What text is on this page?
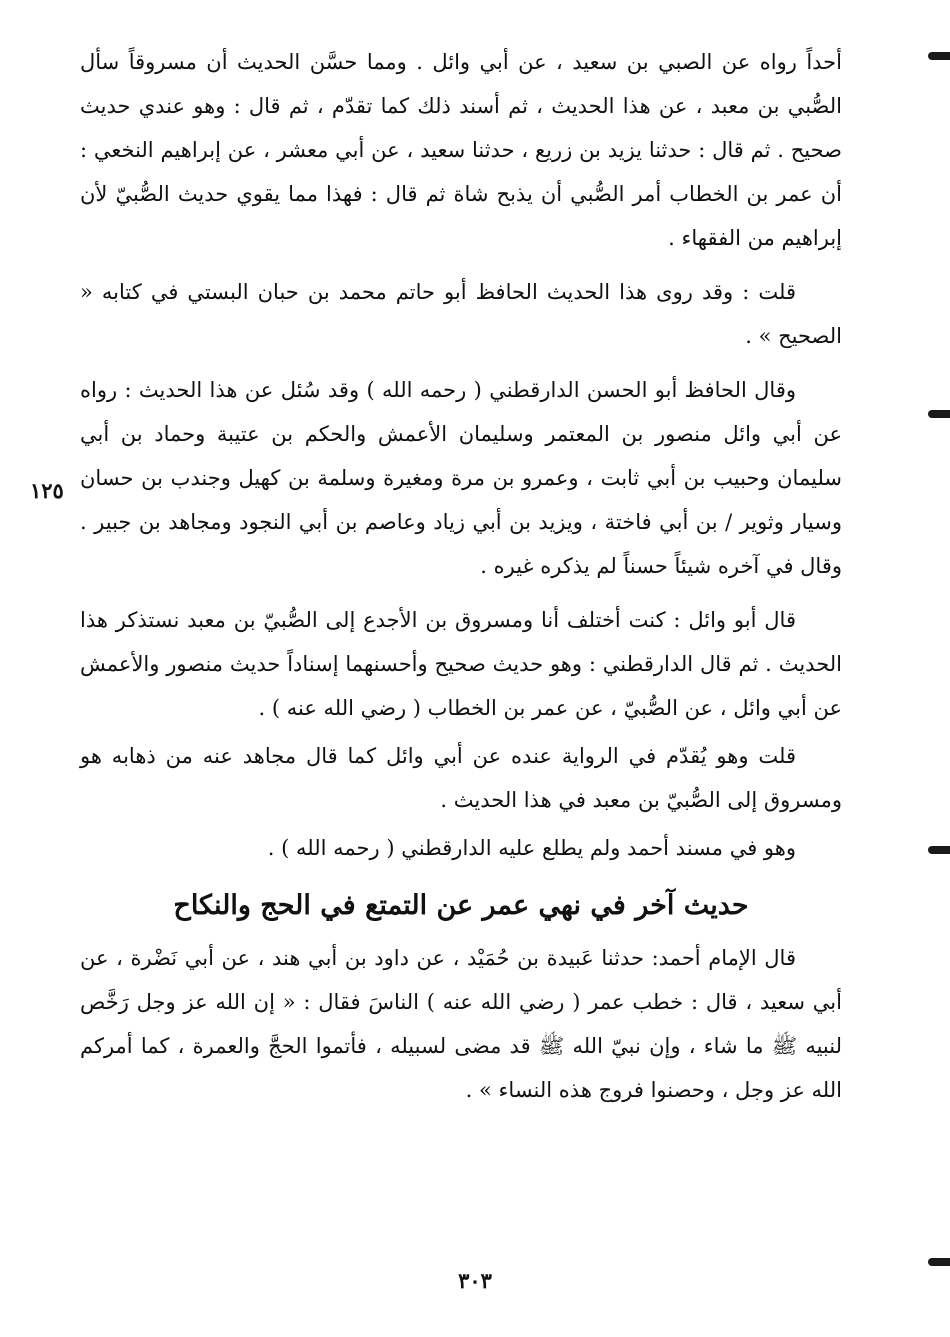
أحداً رواه عن الصبي بن سعيد ، عن أبي وائل . ومما حسَّن الحديث أن مسروقاً سأل الصُّبي بن معبد ، عن هذا الحديث ، ثم أسند ذلك كما تقدّم ، ثم قال : وهو عندي حديث صحيح . ثم قال : حدثنا يزيد بن زريع ، حدثنا سعيد ، عن أبي معشر ، عن إبراهيم النخعي : أن عمر بن الخطاب أمر الصُّبي أن يذبح شاة ثم قال : فهذا مما يقوي حديث الصُّبيّ لأن إبراهيم من الفقهاء .

قلت : وقد روى هذا الحديث الحافظ أبو حاتم محمد بن حبان البستي في كتابه « الصحيح » .

وقال الحافظ أبو الحسن الدارقطني ( رحمه الله ) وقد سُئل عن هذا الحديث : رواه عن أبي وائل منصور بن المعتمر وسليمان الأعمش والحكم بن عتيبة وحماد بن أبي سليمان وحبيب بن أبي ثابت ، وعمرو بن مرة ومغيرة وسلمة بن كهيل وجندب بن حسان وسيار وثوير / بن أبي فاختة ، ويزيد بن أبي زياد وعاصم بن أبي النجود ومجاهد بن جبير . وقال في آخره شيئاً حسناً لم يذكره غيره .

قال أبو وائل : كنت أختلف أنا ومسروق بن الأجدع إلى الصُّبيّ بن معبد نستذكر هذا الحديث . ثم قال الدارقطني : وهو حديث صحيح وأحسنهما إسناداً حديث منصور والأعمش عن أبي وائل ، عن الصُّبيّ ، عن عمر بن الخطاب ( رضي الله عنه ) .

قلت وهو يُقدّم في الرواية عنده عن أبي وائل كما قال مجاهد عنه من ذهابه هو ومسروق إلى الصُّبيّ بن معبد في هذا الحديث .

وهو في مسند أحمد ولم يطلع عليه الدارقطني ( رحمه الله ) .

حديث آخر في نهي عمر عن التمتع في الحج والنكاح

قال الإمام أحمد: حدثنا عَبيدة بن حُمَيْد ، عن داود بن أبي هند ، عن أبي نَضْرة ، عن أبي سعيد ، قال : خطب عمر ( رضي الله عنه ) الناسَ فقال : « إن الله عز وجل رَخَّص لنبيه ﷺ ما شاء ، وإن نبيّ الله ﷺ قد مضى لسبيله ، فأتموا الحجَّ والعمرة ، كما أمركم الله عز وجل ، وحصنوا فروج هذه النساء » .

١٢٥
٣٠٣
